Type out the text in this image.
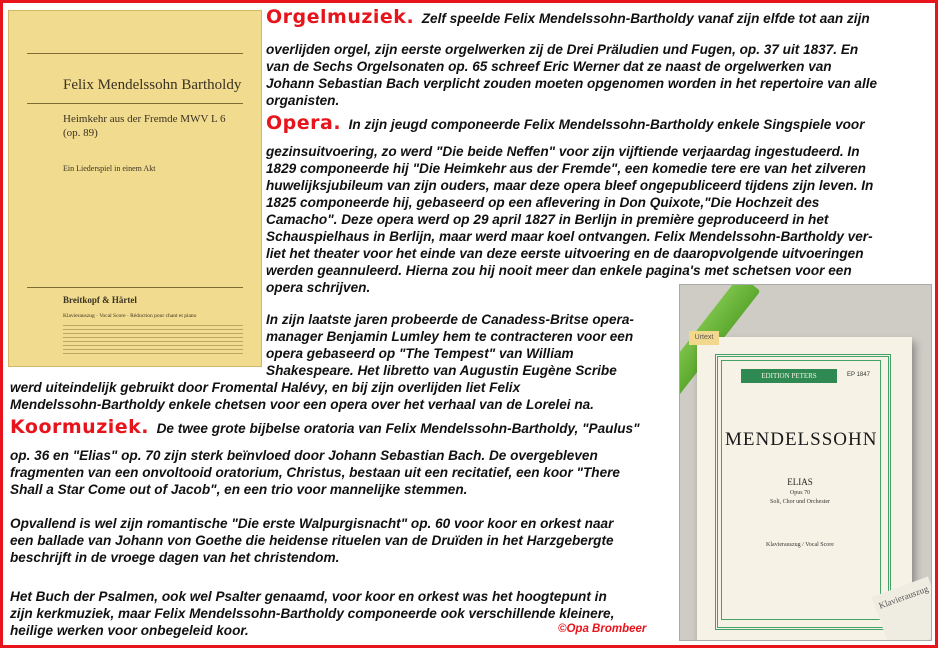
Felix Mendelssohn Bartholdy
Heimkehr aus der Fremde MWV L 6
(op. 89)
Ein Liederspiel in einem Akt
Breitkopf & Härtel
Klavierauszug · Vocal Score · Réduction pour chant et piano

Orgelmuziek. Zelf speelde Felix Mendelssohn-Bartholdy vanaf zijn elfde tot aan zijn

overlijden orgel, zijn eerste orgelwerken zij de Drei Präludien und Fugen, op. 37 uit 1837. En

van de Sechs Orgelsonaten op. 65 schreef Eric Werner dat ze naast de orgelwerken van

Johann Sebastian Bach verplicht zouden moeten opgenomen worden in het repertoire van alle

organisten.

Opera. In zijn jeugd componeerde Felix Mendelssohn-Bartholdy enkele Singspiele voor

gezinsuitvoering, zo werd "Die beide Neffen" voor zijn vijftiende verjaardag ingestudeerd. In

1829 componeerde hij "Die Heimkehr aus der Fremde", een komedie tere ere van het zilveren

huwelijksjubileum van zijn ouders, maar deze opera bleef ongepubliceerd tijdens zijn leven. In

1825 componeerde hij, gebaseerd op een aflevering in Don Quixote,"Die Hochzeit des

Camacho". Deze opera werd op 29 april 1827 in Berlijn in première geproduceerd in het

Schauspielhaus in Berlijn, maar werd maar koel ontvangen. Felix Mendelssohn-Bartholdy ver-

liet het theater voor het einde van deze eerste uitvoering en de daaropvolgende uitvoeringen

werden geannuleerd. Hierna zou hij nooit meer dan enkele pagina's met schetsen voor een

opera schrijven.

In zijn laatste jaren probeerde de Canadess-Britse opera-

manager Benjamin Lumley hem te contracteren voor een

opera gebaseerd op "The Tempest" van William

Shakespeare. Het libretto van Augustin Eugène Scribe

werd uiteindelijk gebruikt door Fromental Halévy, en bij zijn overlijden liet Felix

Mendelssohn-Bartholdy enkele chetsen voor een opera over het verhaal van de Lorelei na.

Koormuziek. De twee grote bijbelse oratoria van Felix Mendelssohn-Bartholdy, "Paulus"

op. 36 en "Elias" op. 70 zijn sterk beïnvloed door Johann Sebastian Bach. De overgebleven

fragmenten van een onvoltooid oratorium, Christus, bestaan uit een recitatief, een koor "There

Shall a Star Come out of Jacob", en een trio voor mannelijke stemmen.

Opvallend is wel zijn romantische "Die erste Walpurgisnacht" op. 60 voor koor en orkest naar

een ballade van Johann von Goethe die heidense rituelen van de Druïden in het Harzgebergte

beschrijft in de vroege dagen van het christendom.

Het Buch der Psalmen, ook wel Psalter genaamd, voor koor en orkest was het hoogtepunt in

zijn kerkmuziek, maar Felix Mendelssohn-Bartholdy componeerde ook verschillende kleinere,

heilige werken voor onbegeleid koor.	©Opa Brombeer

Urtext
EDITION PETERS	EP 1847
MENDELSSOHN
ELIAS
Opus 70
Soli, Chor und Orchester
Klavierauszug / Vocal Score
Klavierauszug
